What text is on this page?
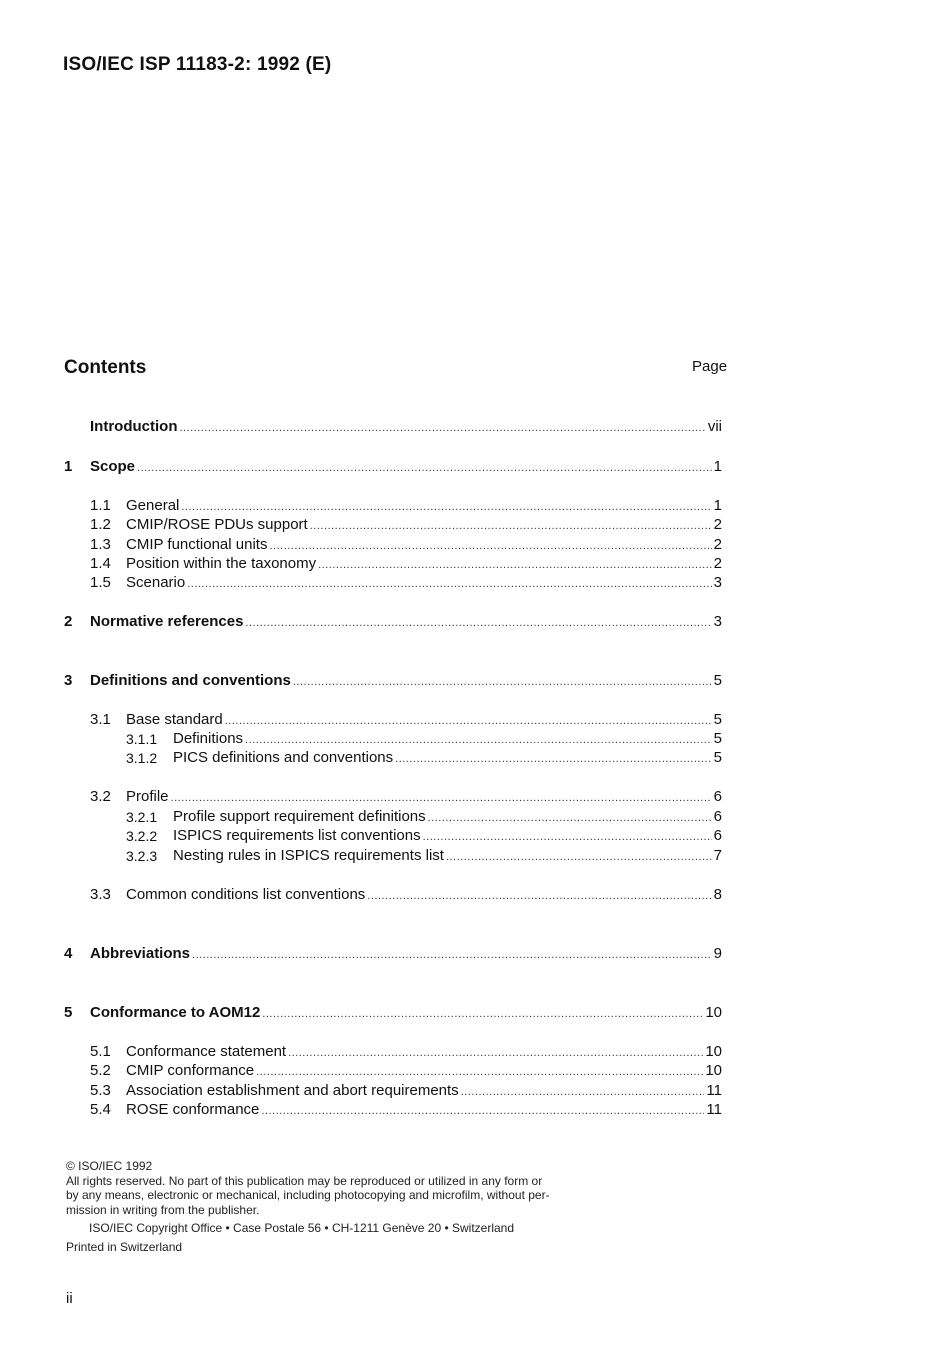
ISO/IEC ISP 11183-2: 1992 (E)
Contents	Page
Introduction .....	vii
1 Scope .....	1
1.1 General .....	1
1.2 CMIP/ROSE PDUs support .....	2
1.3 CMIP functional units .....	2
1.4 Position within the taxonomy .....	2
1.5 Scenario .....	3
2 Normative references .....	3
3 Definitions and conventions .....	5
3.1 Base standard .....	5
3.1.1 Definitions .....	5
3.1.2 PICS definitions and conventions .....	5
3.2 Profile .....	6
3.2.1 Profile support requirement definitions .....	6
3.2.2 ISPICS requirements list conventions .....	6
3.2.3 Nesting rules in ISPICS requirements list .....	7
3.3 Common conditions list conventions .....	8
4 Abbreviations .....	9
5 Conformance to AOM12 .....	10
5.1 Conformance statement .....	10
5.2 CMIP conformance .....	10
5.3 Association establishment and abort requirements .....	11
5.4 ROSE conformance .....	11
© ISO/IEC 1992
All rights reserved. No part of this publication may be reproduced or utilized in any form or
by any means, electronic or mechanical, including photocopying and microfilm, without per-
mission in writing from the publisher.
ISO/IEC Copyright Office • Case Postale 56 • CH-1211 Genève 20 • Switzerland
Printed in Switzerland
ii
